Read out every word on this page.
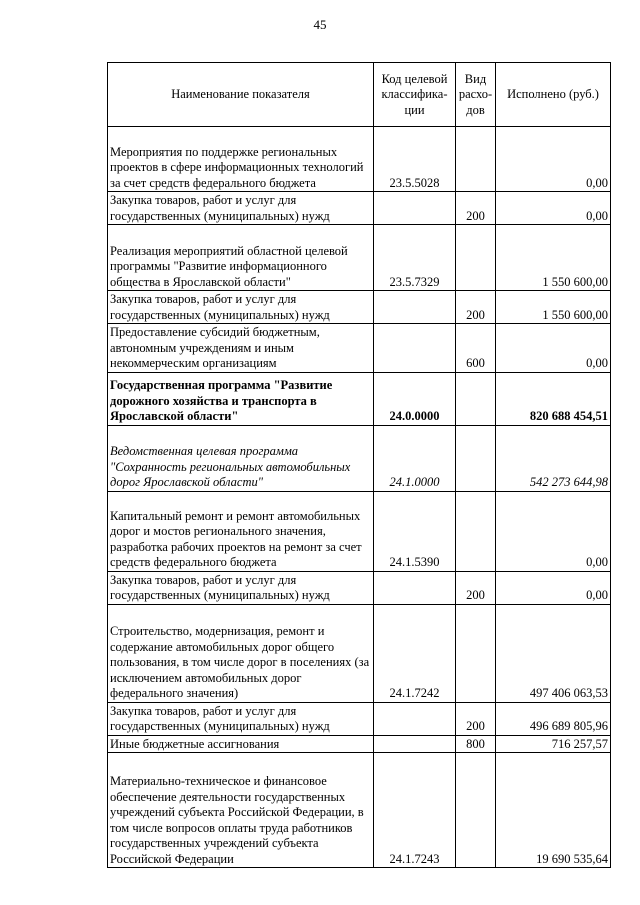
45
Наименование показателя	Код целевой классифика-ции	Вид расхо-дов	Исполнено (руб.)
Мероприятия по поддержке региональных проектов в сфере информационных технологий за счет средств федерального бюджета	23.5.5028		0,00
Закупка товаров, работ и услуг для государственных (муниципальных) нужд		200	0,00
Реализация мероприятий областной целевой программы "Развитие информационного общества в Ярославской области"	23.5.7329		1 550 600,00
Закупка товаров, работ и услуг для государственных (муниципальных) нужд		200	1 550 600,00
Предоставление субсидий бюджетным, автономным учреждениям и иным некоммерческим организациям		600	0,00
Государственная программа "Развитие дорожного хозяйства и транспорта в Ярославской области"	24.0.0000		820 688 454,51
Ведомственная целевая программа "Сохранность региональных автомобильных дорог Ярославской области"	24.1.0000		542 273 644,98
Капитальный ремонт и ремонт автомобильных дорог и мостов регионального значения, разработка рабочих проектов на ремонт за счет средств федерального бюджета	24.1.5390		0,00
Закупка товаров, работ и услуг для государственных (муниципальных) нужд		200	0,00
Строительство, модернизация, ремонт и содержание автомобильных дорог общего пользования, в том числе дорог в поселениях (за исключением автомобильных дорог федерального значения)	24.1.7242		497 406 063,53
Закупка товаров, работ и услуг для государственных (муниципальных) нужд		200	496 689 805,96
Иные бюджетные ассигнования		800	716 257,57
Материально-техническое и финансовое обеспечение деятельности государственных учреждений субъекта Российской Федерации, в том числе вопросов оплаты труда работников государственных учреждений субъекта Российской Федерации	24.1.7243		19 690 535,64
